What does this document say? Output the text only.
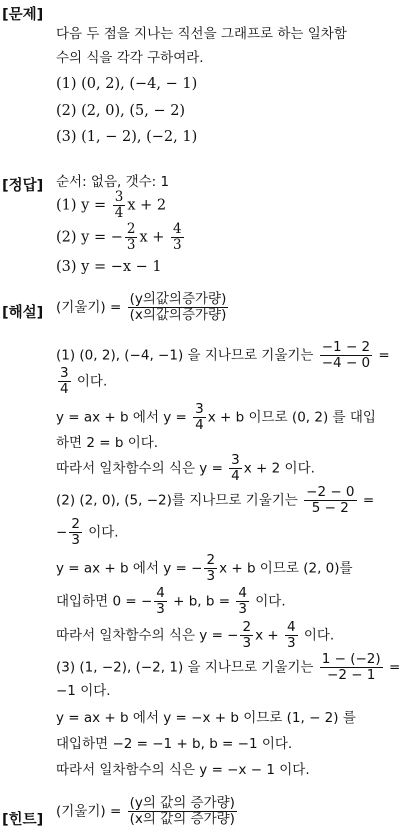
[문제]
다음 두 점을 지나는 직선을 그래프로 하는 일차함
수의 식을 각각 구하여라.
(1) (0, 2), (−4, − 1)
(2) (2, 0), (5, − 2)
(3) (1, − 2), (−2, 1)
[정답] 순서: 없음, 갯수: 1
(1) $y = \frac{3}{4}$ x + 2
(2) y = − $\frac{2}{3}$ $x + \frac{4}{3}$
(3) y = −x − 1
[해설] (기울기) = $\frac{\text{(y의값의증가량)}}{\text{(x의값의증가량)}}$
(1) (0, 2), (−4, −1) 을 지나므로 기울기는 $\frac{-1 - 2}{-4 - 0}$ =
$\frac{3}{4}$ 이다.
y = ax + b 에서 $y = \frac{3}{4}$ x + b 이므로 (0, 2) 를 대입
하면 2 = b 이다.
따라서 일차함수의 식은 $y = \frac{3}{4}$ x + 2 이다.
(2) (2, 0), (5, −2)를 지나므로 기울기는 $\frac{-2 - 0}{5 - 2}$ =
− $\frac{2}{3}$ 이다.
y = ax + b 에서 y = − $\frac{2}{3}$ x + b 이므로 (2, 0)를
대입하면 0 = − $\frac{4}{3} + b$, $b = \frac{4}{3}$ 이다.
따라서 일차함수의 식은 y = − $\frac{2}{3}$ $x + \frac{4}{3}$ 이다.
(3) (1, −2), (−2, 1) 을 지나므로 기울기는 $\frac{1 - (-2)}{-2 - 1}$ =
−1 이다.
y = ax + b 에서 y = −x + b 이므로 (1, − 2) 를
대입하면 −2 = −1 + b, b = −1 이다.
따라서 일차함수의 식은 y = −x − 1 이다.
[힌트]
(기울기) = $\frac{\text{(y의 값의 증가량)}}{\text{(x의 값의 증가량)}}$
